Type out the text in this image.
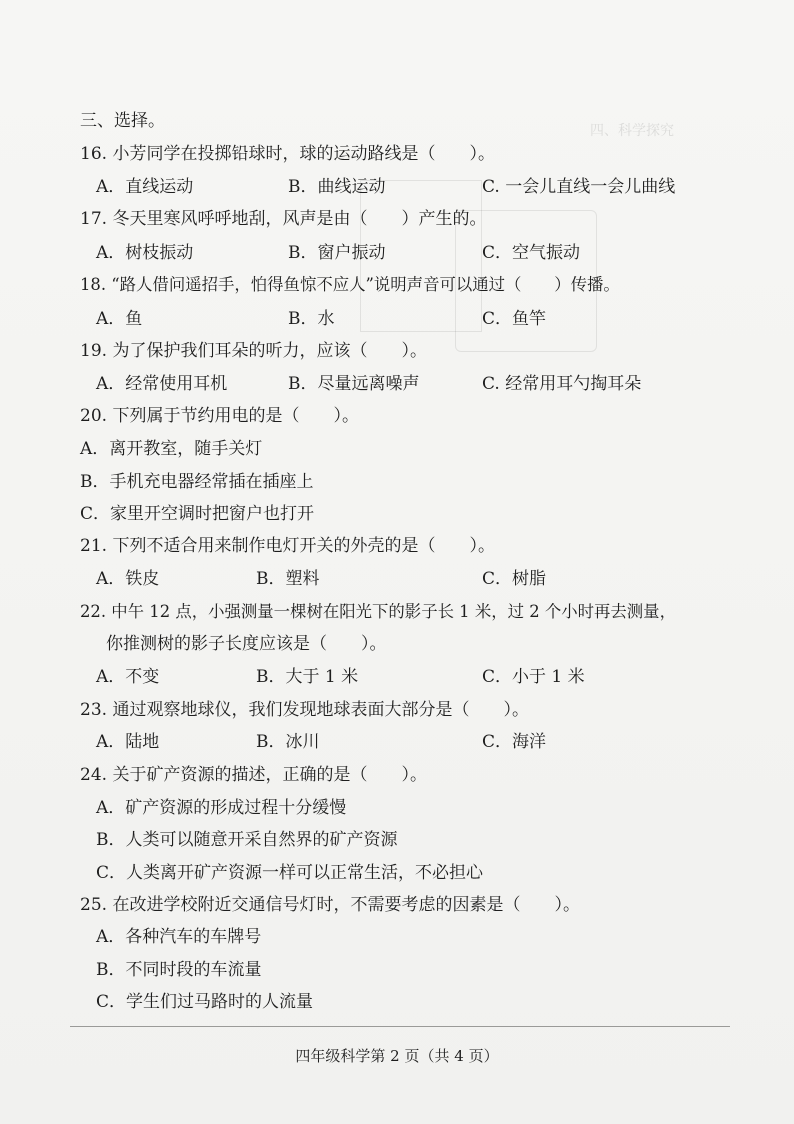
四、科学探究
三、选择。
16. 小芳同学在投掷铅球时，球的运动路线是（　　）。
A．直线运动	B．曲线运动	C. 一会儿直线一会儿曲线
17. 冬天里寒风呼呼地刮，风声是由（　　）产生的。
A．树枝振动	B．窗户振动	C．空气振动
18. “路人借问遥招手，怕得鱼惊不应人”说明声音可以通过（　　）传播。
A．鱼	B．水	C．鱼竿
19. 为了保护我们耳朵的听力，应该（　　）。
A．经常使用耳机	B．尽量远离噪声	C. 经常用耳勺掏耳朵
20. 下列属于节约用电的是（　　）。
A．离开教室，随手关灯
B．手机充电器经常插在插座上
C．家里开空调时把窗户也打开
21. 下列不适合用来制作电灯开关的外壳的是（　　）。
A．铁皮	B．塑料	C．树脂
22. 中午 12 点，小强测量一棵树在阳光下的影子长 1 米，过 2 个小时再去测量，
你推测树的影子长度应该是（　　）。
A．不变	B．大于 1 米	C．小于 1 米
23. 通过观察地球仪，我们发现地球表面大部分是（　　）。
A．陆地	B．冰川	C．海洋
24. 关于矿产资源的描述，正确的是（　　）。
A．矿产资源的形成过程十分缓慢
B．人类可以随意开采自然界的矿产资源
C．人类离开矿产资源一样可以正常生活，不必担心
25. 在改进学校附近交通信号灯时，不需要考虑的因素是（　　）。
A．各种汽车的车牌号
B．不同时段的车流量
C．学生们过马路时的人流量
四年级科学第 2 页（共 4 页）
